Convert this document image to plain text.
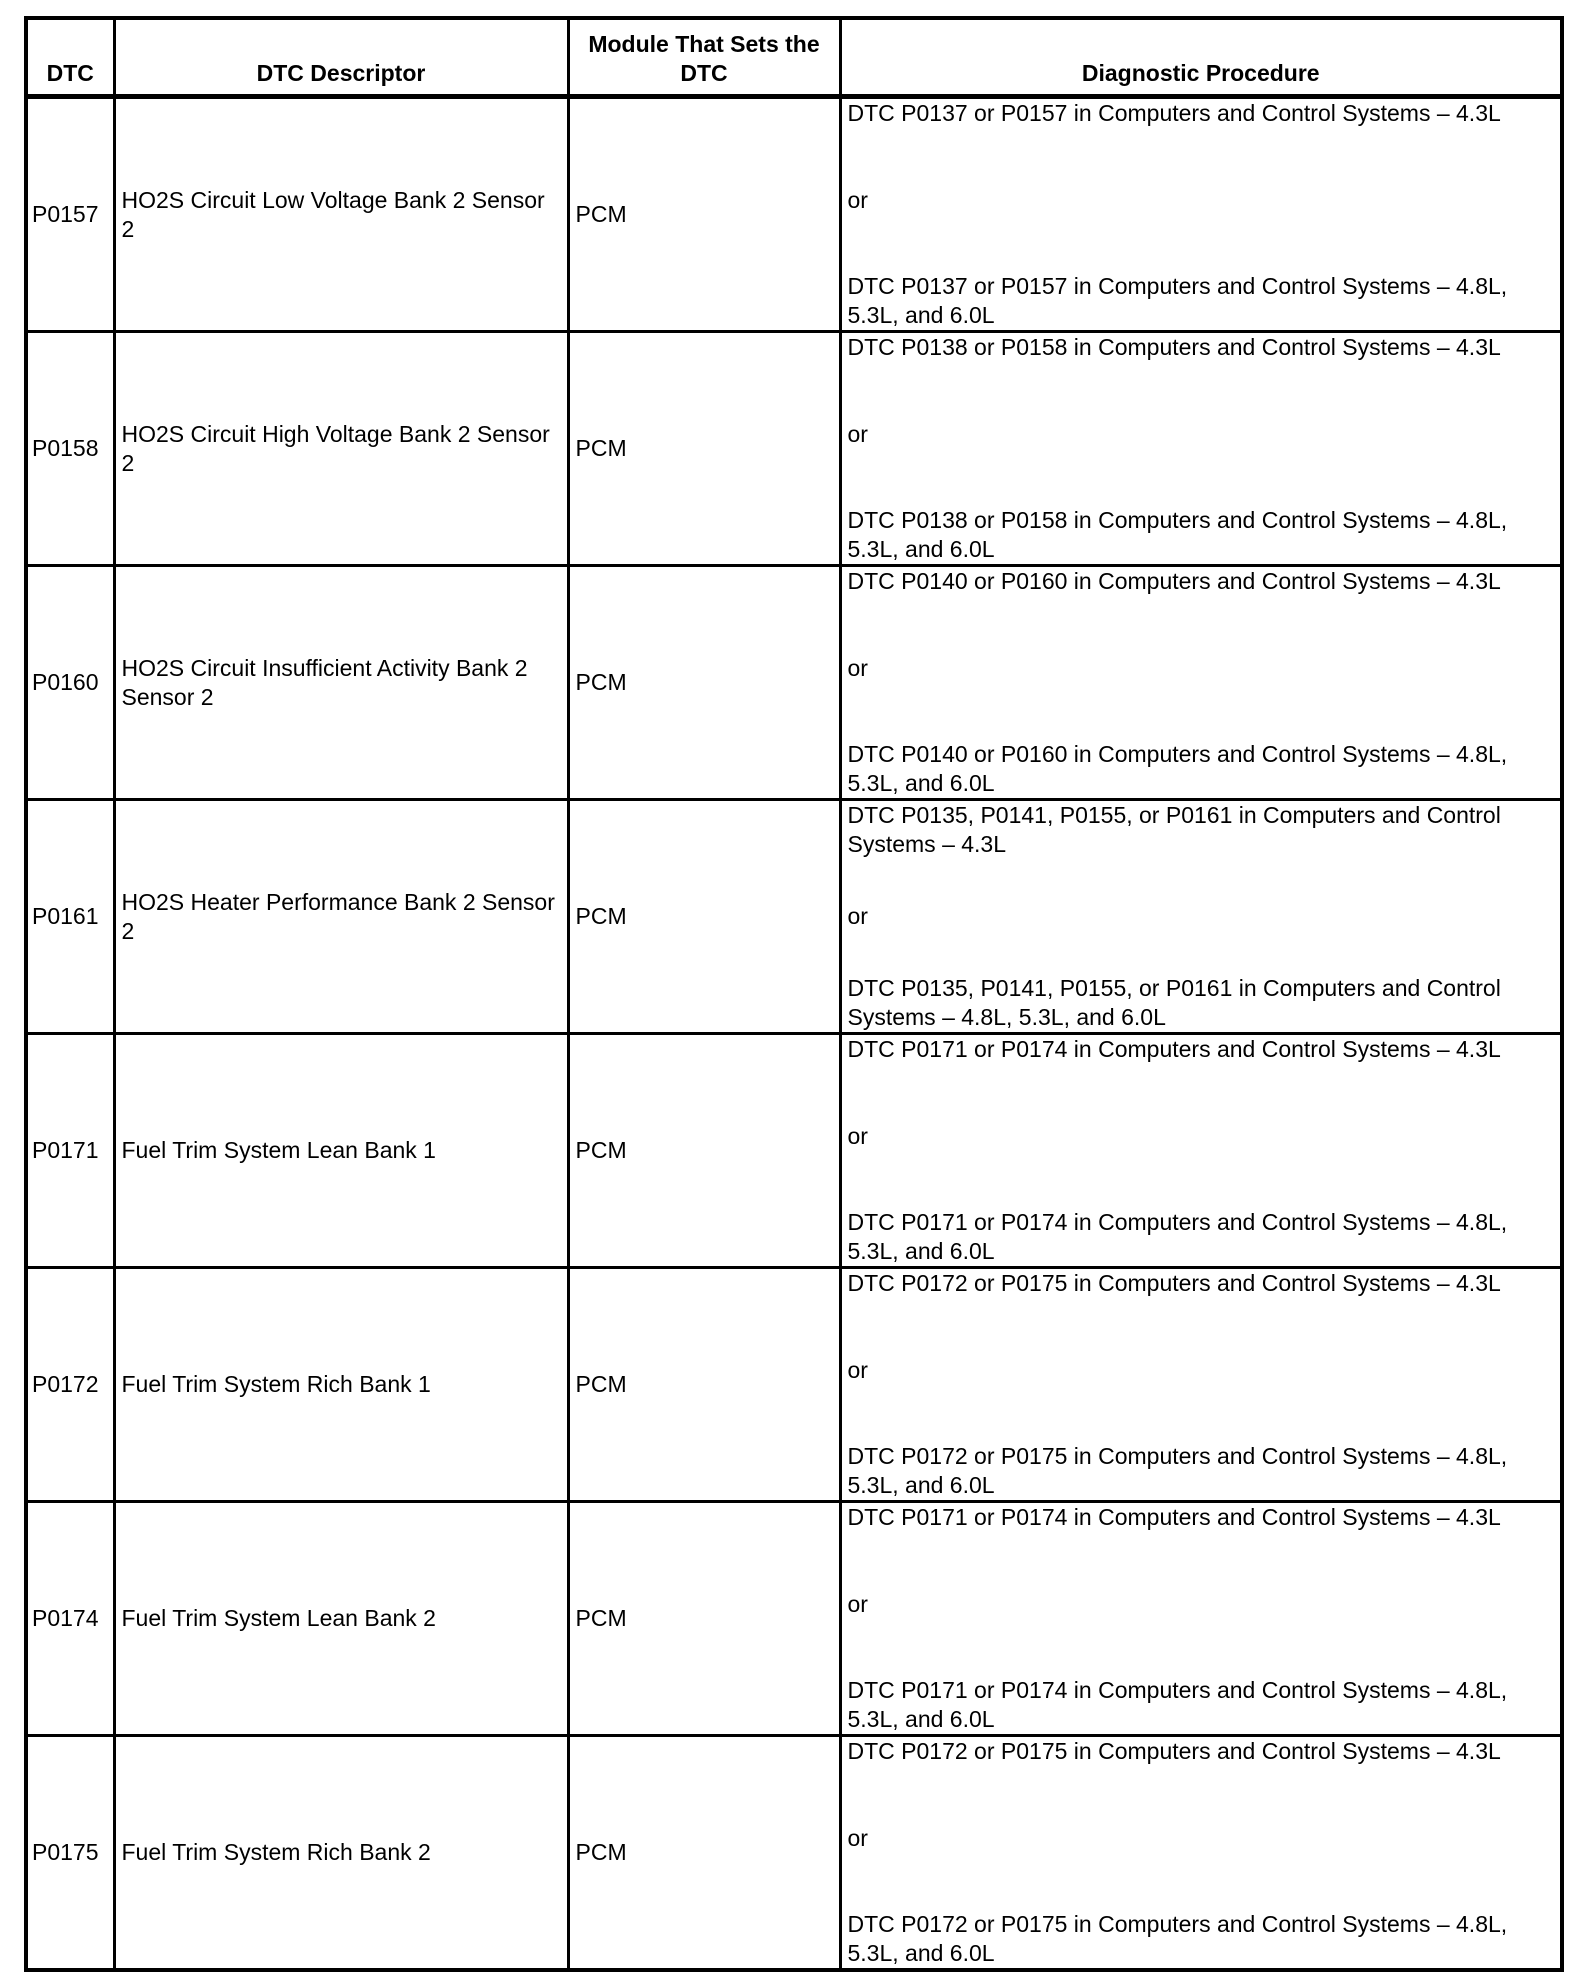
DTC	DTC Descriptor	Module That Sets the DTC	Diagnostic Procedure
P0157	HO2S Circuit Low Voltage Bank 2 Sensor 2	PCM	DTC P0137 or P0157 in Computers and Control Systems – 4.3L
or
DTC P0137 or P0157 in Computers and Control Systems – 4.8L, 5.3L, and 6.0L

P0158	HO2S Circuit High Voltage Bank 2 Sensor 2	PCM	DTC P0138 or P0158 in Computers and Control Systems – 4.3L
or
DTC P0138 or P0158 in Computers and Control Systems – 4.8L, 5.3L, and 6.0L

P0160	HO2S Circuit Insufficient Activity Bank 2 Sensor 2	PCM	DTC P0140 or P0160 in Computers and Control Systems – 4.3L
or
DTC P0140 or P0160 in Computers and Control Systems – 4.8L, 5.3L, and 6.0L

P0161	HO2S Heater Performance Bank 2 Sensor 2	PCM	DTC P0135, P0141, P0155, or P0161 in Computers and Control Systems – 4.3L
or
DTC P0135, P0141, P0155, or P0161 in Computers and Control Systems – 4.8L, 5.3L, and 6.0L

P0171	Fuel Trim System Lean Bank 1	PCM	DTC P0171 or P0174 in Computers and Control Systems – 4.3L
or
DTC P0171 or P0174 in Computers and Control Systems – 4.8L, 5.3L, and 6.0L

P0172	Fuel Trim System Rich Bank 1	PCM	DTC P0172 or P0175 in Computers and Control Systems – 4.3L
or
DTC P0172 or P0175 in Computers and Control Systems – 4.8L, 5.3L, and 6.0L

P0174	Fuel Trim System Lean Bank 2	PCM	DTC P0171 or P0174 in Computers and Control Systems – 4.3L
or
DTC P0171 or P0174 in Computers and Control Systems – 4.8L, 5.3L, and 6.0L

P0175	Fuel Trim System Rich Bank 2	PCM	DTC P0172 or P0175 in Computers and Control Systems – 4.3L
or
DTC P0172 or P0175 in Computers and Control Systems – 4.8L, 5.3L, and 6.0L
